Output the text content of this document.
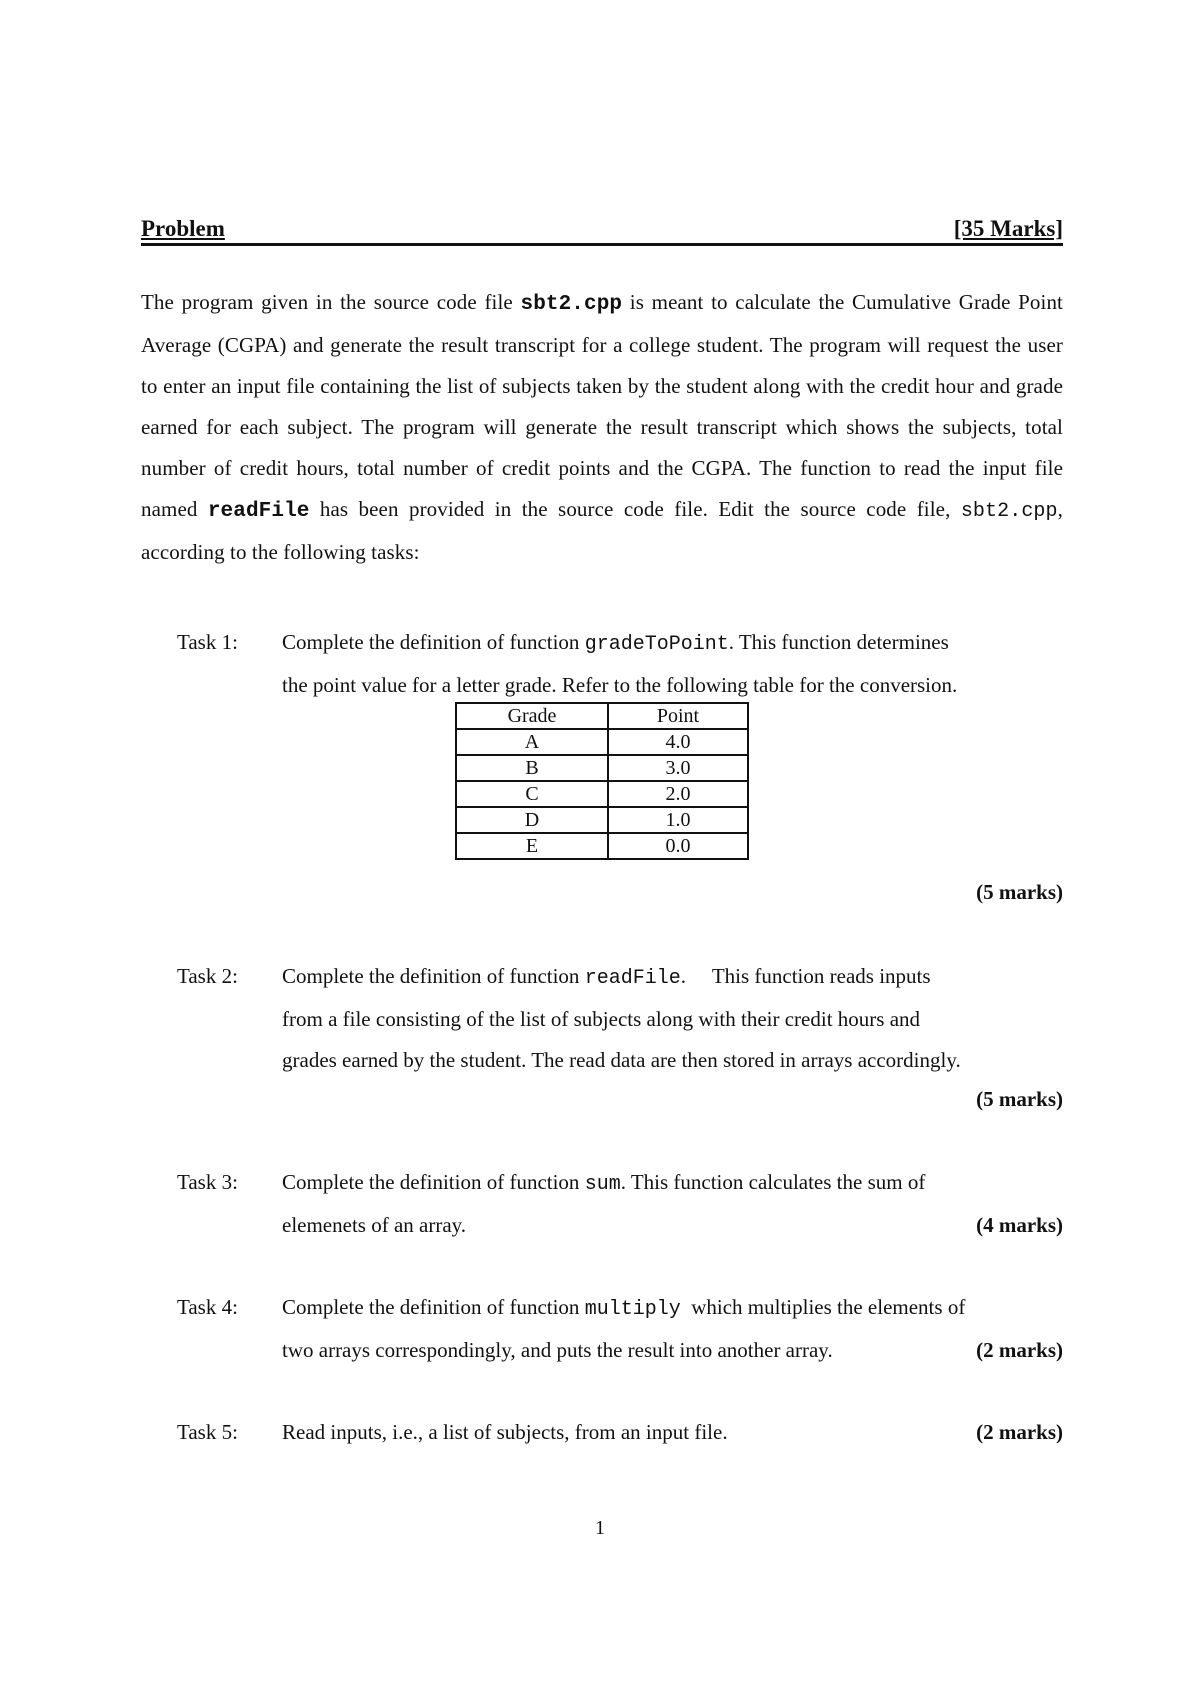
Problem	[35 Marks]

The program given in the source code file sbt2.cpp is meant to calculate the Cumulative Grade Point Average (CGPA) and generate the result transcript for a college student. The program will request the user to enter an input file containing the list of subjects taken by the student along with the credit hour and grade earned for each subject. The program will generate the result transcript which shows the subjects, total number of credit hours, total number of credit points and the CGPA. The function to read the input file named readFile has been provided in the source code file. Edit the source code file, sbt2.cpp, according to the following tasks:

Task 1: Complete the definition of function gradeToPoint. This function determines
the point value for a letter grade. Refer to the following table for the conversion.
Grade	Point
A	4.0
B	3.0
C	2.0
D	1.0
E	0.0
(5 marks)
Task 2: Complete the definition of function readFile.     This function reads inputs
from a file consisting of the list of subjects along with their credit hours and
grades earned by the student. The read data are then stored in arrays accordingly.
(5 marks)
Task 3: Complete the definition of function sum. This function calculates the sum of
elemenets of an array.	(4 marks)
Task 4: Complete the definition of function multiply  which multiplies the elements of
two arrays correspondingly, and puts the result into another array.	(2 marks)
Task 5: Read inputs, i.e., a list of subjects, from an input file.	(2 marks)
1
